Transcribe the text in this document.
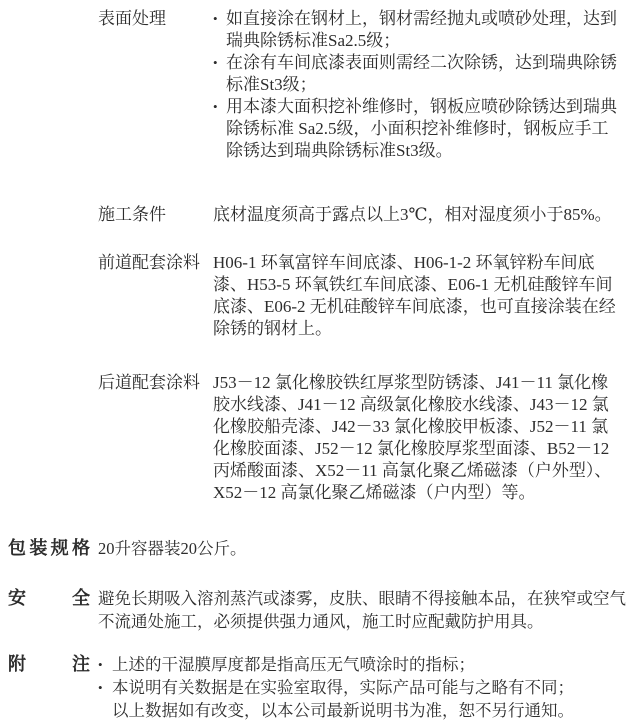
表面处理	• 如直接涂在钢材上，钢材需经抛丸或喷砂处理，达到瑞典除锈标准Sa2.5级；
• 在涂有车间底漆表面则需经二次除锈，达到瑞典除锈标准St3级；
• 用本漆大面积挖补维修时，钢板应喷砂除锈达到瑞典除锈标准 Sa2.5级，小面积挖补维修时，钢板应手工除锈达到瑞典除锈标准St3级。
施工条件	底材温度须高于露点以上3℃，相对湿度须小于85%。
前道配套涂料 H06-1 环氧富锌车间底漆、H06-1-2 环氧锌粉车间底漆、H53-5 环氧铁红车间底漆、E06-1 无机硅酸锌车间底漆、E06-2 无机硅酸锌车间底漆，也可直接涂装在经除锈的钢材上。
后道配套涂料 J53－12 氯化橡胶铁红厚浆型防锈漆、J41－11 氯化橡胶水线漆、J41－12 高级氯化橡胶水线漆、J43－12 氯化橡胶船壳漆、J42－33 氯化橡胶甲板漆、J52－11 氯化橡胶面漆、J52－12 氯化橡胶厚浆型面漆、B52－12 丙烯酸面漆、X52－11 高氯化聚乙烯磁漆（户外型）、X52－12 高氯化聚乙烯磁漆（户内型）等。
包装规格 20升容器装20公斤。
安全 避免长期吸入溶剂蒸汽或漆雾，皮肤、眼睛不得接触本品，在狭窄或空气不流通处施工，必须提供强力通风，施工时应配戴防护用具。
附注 • 上述的干湿膜厚度都是指高压无气喷涂时的指标；
• 本说明有关数据是在实验室取得，实际产品可能与之略有不同；
以上数据如有改变，以本公司最新说明书为准，恕不另行通知。
